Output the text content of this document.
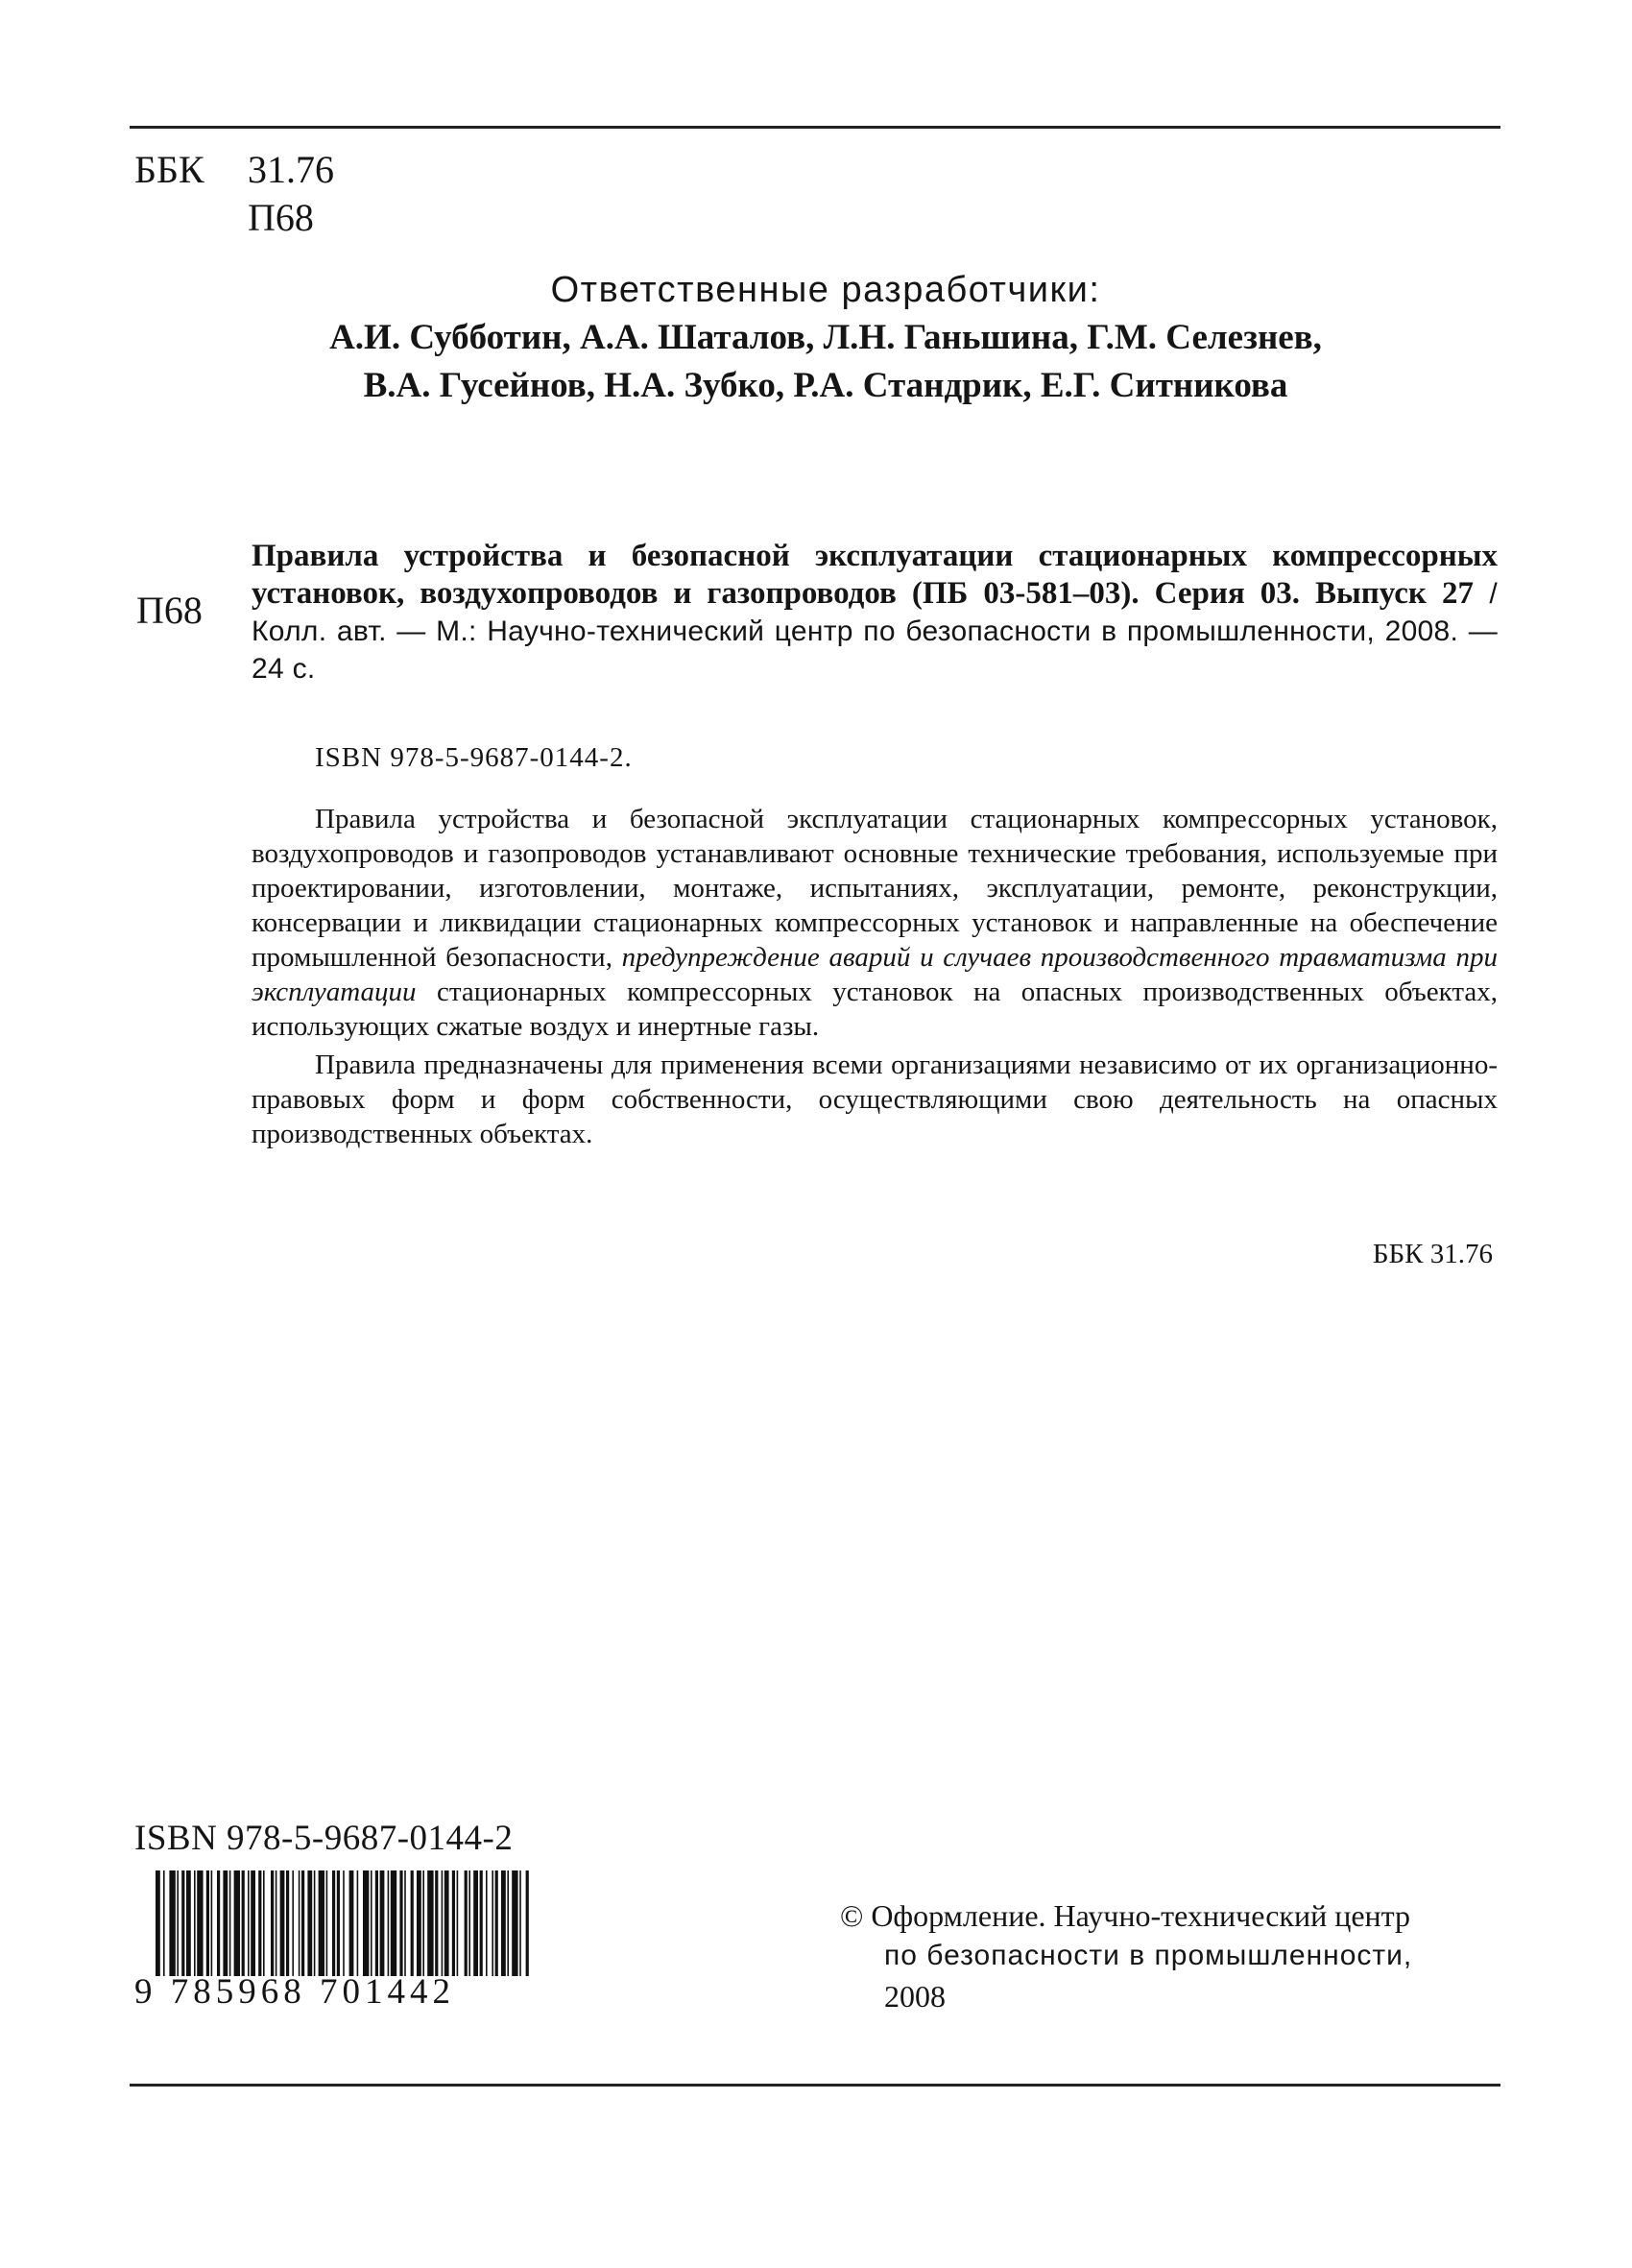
ББК	31.76
П68
Ответственные разработчики:
А.И. Субботин, А.А. Шаталов, Л.Н. Ганьшина, Г.М. Селезнев,
В.А. Гусейнов, Н.А. Зубко, Р.А. Стандрик, Е.Г. Ситникова
П68

Правила устройства и безопасной эксплуатации стационарных компрессорных установок, воздухопроводов и газопроводов (ПБ 03-581–03). Серия 03. Выпуск 27 / Колл. авт. — М.: Научно-технический центр по безопасности в промышленности, 2008. — 24 с.

ISBN 978-5-9687-0144-2.

Правила устройства и безопасной эксплуатации стационарных компрессорных установок, воздухопроводов и газопроводов устанавливают основные технические требования, используемые при проектировании, изготовлении, монтаже, испытаниях, эксплуатации, ремонте, реконструкции, консервации и ликвидации стационарных компрессорных установок и направленные на обеспечение промышленной безопасности, предупреждение аварий и случаев производственного травматизма при эксплуатации стационарных компрессорных установок на опасных производственных объектах, использующих сжатые воздух и инертные газы.

Правила предназначены для применения всеми организациями независимо от их организационно-правовых форм и форм собственности, осуществляющими свою деятельность на опасных производственных объектах.

ББК 31.76
ISBN 978-5-9687-0144-2
9 785968 701442
© Оформление. Научно-технический центр
по безопасности в промышленности,
2008
